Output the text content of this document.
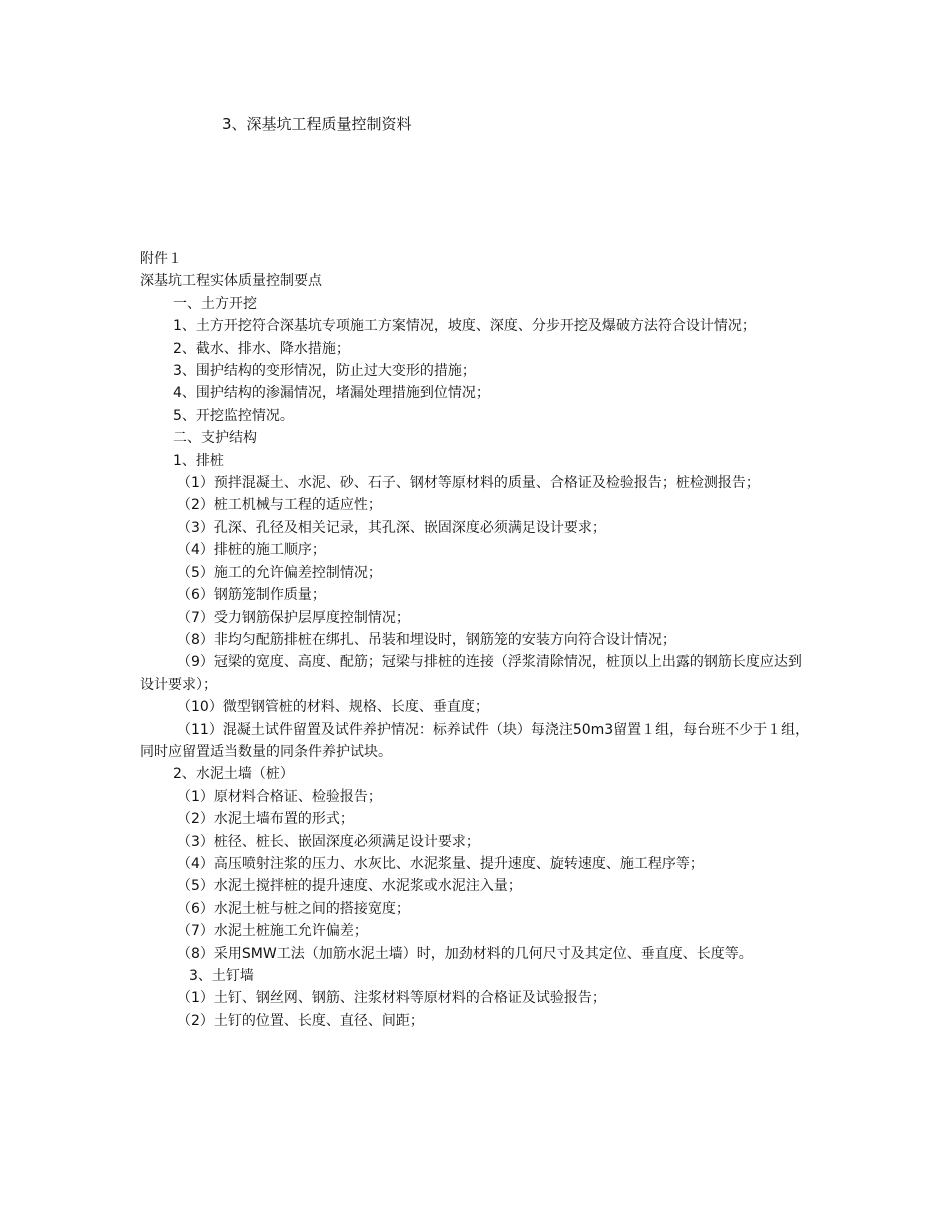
3、深基坑工程质量控制资料

附件１

深基坑工程实体质量控制要点

一、土方开挖

1、土方开挖符合深基坑专项施工方案情况，坡度、深度、分步开挖及爆破方法符合设计情况；

2、截水、排水、降水措施；

3、围护结构的变形情况，防止过大变形的措施；

4、围护结构的渗漏情况，堵漏处理措施到位情况；

5、开挖监控情况。

二、支护结构

1、排桩

（1）预拌混凝土、水泥、砂、石子、钢材等原材料的质量、合格证及检验报告；桩检测报告；

（2）桩工机械与工程的适应性；

（3）孔深、孔径及相关记录，其孔深、嵌固深度必须满足设计要求；

（4）排桩的施工顺序；

（5）施工的允许偏差控制情况；

（6）钢筋笼制作质量；

（7）受力钢筋保护层厚度控制情况；

（8）非均匀配筋排桩在绑扎、吊装和埋设时，钢筋笼的安装方向符合设计情况；

（9）冠梁的宽度、高度、配筋；冠梁与排桩的连接（浮浆清除情况，桩顶以上出露的钢筋长度应达到设计要求）；

（10）微型钢管桩的材料、规格、长度、垂直度；

（11）混凝土试件留置及试件养护情况：标养试件（块）每浇注50m3留置１组，每台班不少于１组，同时应留置适当数量的同条件养护试块。

2、水泥土墙（桩）

（1）原材料合格证、检验报告；

（2）水泥土墙布置的形式；

（3）桩径、桩长、嵌固深度必须满足设计要求；

（4）高压喷射注浆的压力、水灰比、水泥浆量、提升速度、旋转速度、施工程序等；

（5）水泥土搅拌桩的提升速度、水泥浆或水泥注入量；

（6）水泥土桩与桩之间的搭接宽度；

（7）水泥土桩施工允许偏差；

（8）采用SMW工法（加筋水泥土墙）时，加劲材料的几何尺寸及其定位、垂直度、长度等。

3、土钉墙

（1）土钉、钢丝网、钢筋、注浆材料等原材料的合格证及试验报告；

（2）土钉的位置、长度、直径、间距；
